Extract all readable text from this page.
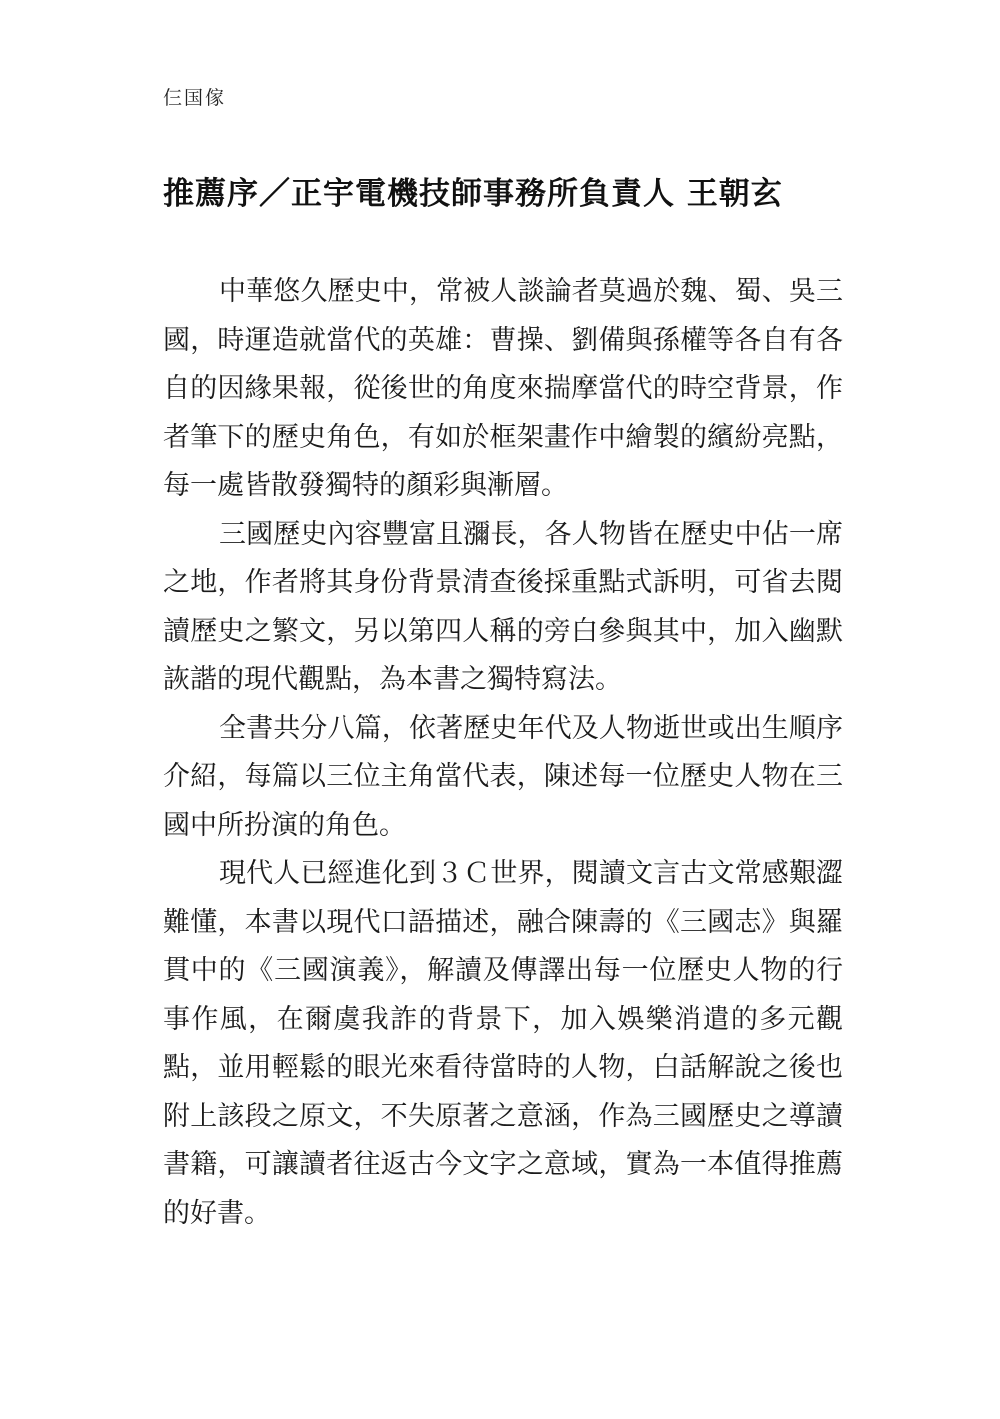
仨国傢
推薦序／正宇電機技師事務所負責人 王朝玄

中華悠久歷史中，常被人談論者莫過於魏、蜀、吳三國，時運造就當代的英雄：曹操、劉備與孫權等各自有各自的因緣果報，從後世的角度來揣摩當代的時空背景，作者筆下的歷史角色，有如於框架畫作中繪製的繽紛亮點，每一處皆散發獨特的顏彩與漸層。

三國歷史內容豐富且瀰長，各人物皆在歷史中佔一席之地，作者將其身份背景清查後採重點式訴明，可省去閱讀歷史之繁文，另以第四人稱的旁白參與其中，加入幽默詼諧的現代觀點，為本書之獨特寫法。

全書共分八篇，依著歷史年代及人物逝世或出生順序介紹，每篇以三位主角當代表，陳述每一位歷史人物在三國中所扮演的角色。

現代人已經進化到３Ｃ世界，閱讀文言古文常感艱澀難懂，本書以現代口語描述，融合陳壽的《三國志》與羅貫中的《三國演義》，解讀及傳譯出每一位歷史人物的行事作風，在爾虞我詐的背景下，加入娛樂消遣的多元觀點，並用輕鬆的眼光來看待當時的人物，白話解說之後也附上該段之原文，不失原著之意涵，作為三國歷史之導讀書籍，可讓讀者往返古今文字之意域，實為一本值得推薦的好書。
